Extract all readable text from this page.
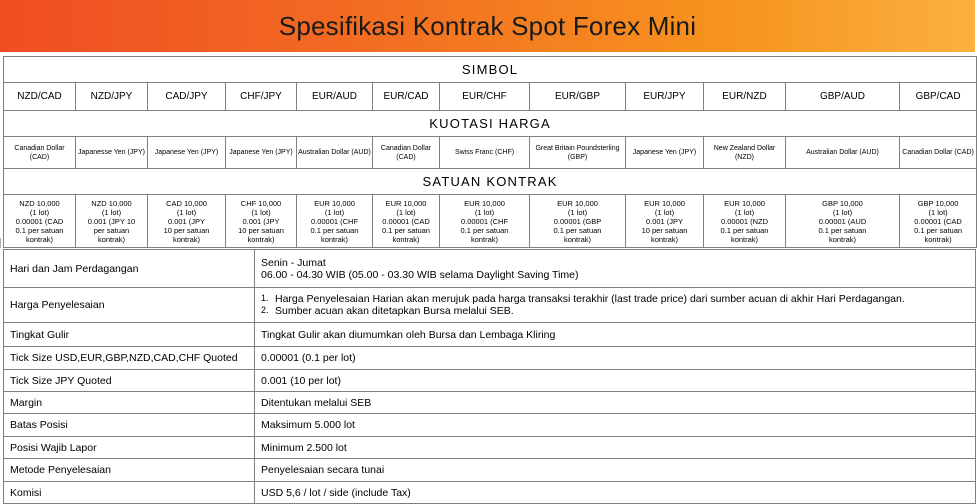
Spesifikasi Kontrak Spot Forex Mini
SIMBOL											
NZD/CAD	NZD/JPY	CAD/JPY	CHF/JPY	EUR/AUD	EUR/CAD	EUR/CHF	EUR/GBP	EUR/JPY	EUR/NZD	GBP/AUD	GBP/CAD
KUOTASI HARGA											
Canadian Dollar (CAD)	Japanesse Yen (JPY)	Japanese Yen (JPY)	Japanese Yen (JPY)	Australian Dollar (AUD)	Canadian Dollar (CAD)	Swiss Franc (CHF)	Great Britain Poundsterling (GBP)	Japanese Yen (JPY)	New Zealand Dollar (NZD)	Australian Dollar (AUD)	Canadian Dollar (CAD)
SATUAN KONTRAK											
NZD 10,000
(1 lot)
0.00001 (CAD
0.1 per satuan
kontrak)	NZD 10,000
(1 lot)
0.001 (JPY 10
per satuan
kontrak)	CAD 10,000
(1 lot)
0.001 (JPY
10 per satuan
kontrak)	CHF 10,000
(1 lot)
0.001 (JPY
10 per satuan
kontrak)	EUR 10,000
(1 lot)
0.00001 (CHF
0.1 per satuan
kontrak)	EUR 10,000
(1 lot)
0.00001 (CAD
0.1 per satuan
kontrak)	EUR 10,000
(1 lot)
0.00001 (CHF
0.1 per satuan
kontrak)	EUR 10,000
(1 lot)
0.00001 (GBP
0.1 per satuan
kontrak)	EUR 10,000
(1 lot)
0.001 (JPY
10 per satuan
kontrak)	EUR 10,000
(1 lot)
0.00001 (NZD
0.1 per satuan
kontrak)	GBP 10,000
(1 lot)
0.00001 (AUD
0.1 per satuan
kontrak)	GBP 10,000
(1 lot)
0.00001 (CAD
0.1 per satuan
kontrak)
Hari dan Jam Perdagangan	Senin - Jumat
06.00 - 04.30 WIB (05.00 - 03.30 WIB selama Daylight Saving Time)

Harga Penyelesaian	1. Harga Penyelesaian Harian akan merujuk pada harga transaksi terakhir (last trade price) dari sumber acuan di akhir Hari Perdagangan.
2. Sumber acuan akan ditetapkan Bursa melalui SEB.

Tingkat Gulir	Tingkat Gulir akan diumumkan oleh Bursa dan Lembaga Kliring
Tick Size USD,EUR,GBP,NZD,CAD,CHF Quoted	0.00001 (0.1 per lot)
Tick Size JPY Quoted	0.001 (10 per lot)
Margin	Ditentukan melalui SEB
Batas Posisi	Maksimum 5.000 lot
Posisi Wajib Lapor	Minimum 2.500 lot
Metode Penyelesaian	Penyelesaian secara tunai
Komisi	USD 5,6 / lot / side (include Tax)
